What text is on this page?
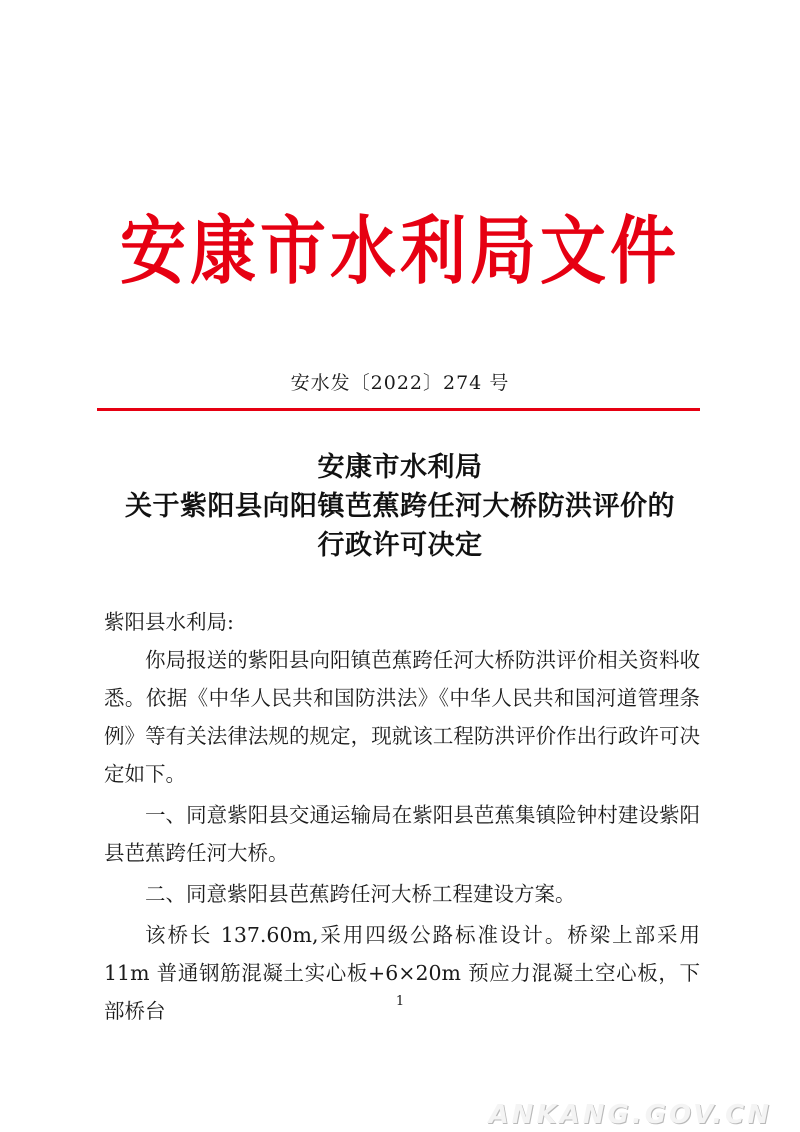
安康市水利局文件
安水发〔2022〕274 号
安康市水利局
关于紫阳县向阳镇芭蕉跨任河大桥防洪评价的
行政许可决定

紫阳县水利局:

你局报送的紫阳县向阳镇芭蕉跨任河大桥防洪评价相关资料收悉。依据《中华人民共和国防洪法》《中华人民共和国河道管理条例》等有关法律法规的规定，现就该工程防洪评价作出行政许可决定如下。

一、同意紫阳县交通运输局在紫阳县芭蕉集镇险钟村建设紫阳县芭蕉跨任河大桥。

二、同意紫阳县芭蕉跨任河大桥工程建设方案。

该桥长 137.60m,采用四级公路标准设计。桥梁上部采用 11m 普通钢筋混凝土实心板+6×20m 预应力混凝土空心板，下部桥台	1
ANKANG.GOV.CN
